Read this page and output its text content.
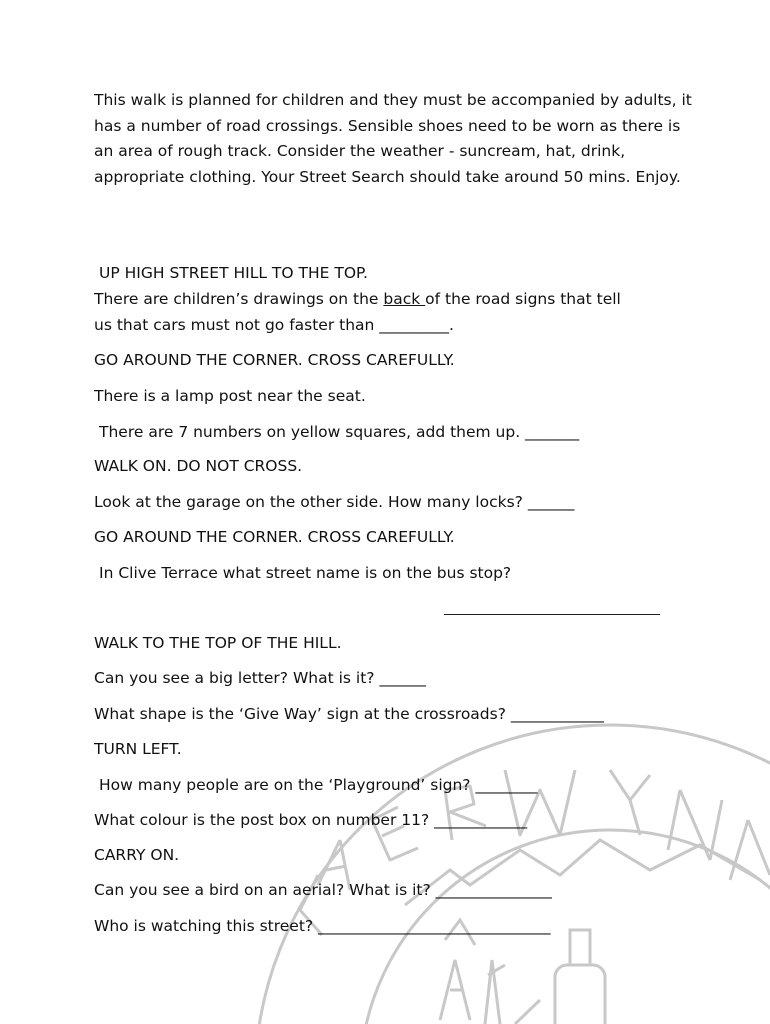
This walk is planned for children and they must be accompanied by adults, it has a number of road crossings. Sensible shoes need to be worn as there is an area of rough track. Consider the weather - suncream, hat, drink, appropriate clothing. Your Street Search should take around 50 mins. Enjoy.

UP HIGH STREET HILL TO THE TOP.

There are children’s drawings on the back of the road signs that tell

us that cars must not go faster than _________.

GO AROUND THE CORNER. CROSS CAREFULLY.

There is a lamp post near the seat.

There are 7 numbers on yellow squares, add them up. _______

WALK ON. DO NOT CROSS.

Look at the garage on the other side. How many locks? ______

GO AROUND THE CORNER. CROSS CAREFULLY.

In Clive Terrace what street name is on the bus stop?

WALK TO THE TOP OF THE HILL.

Can you see a big letter? What is it? ______

What shape is the ‘Give Way’ sign at the crossroads? ____________

TURN LEFT.

How many people are on the ‘Playground’ sign? ________

What colour is the post box on number 11? ____________

CARRY ON.

Can you see a bird on an aerial? What is it? _______________

Who is watching this street? ______________________________
